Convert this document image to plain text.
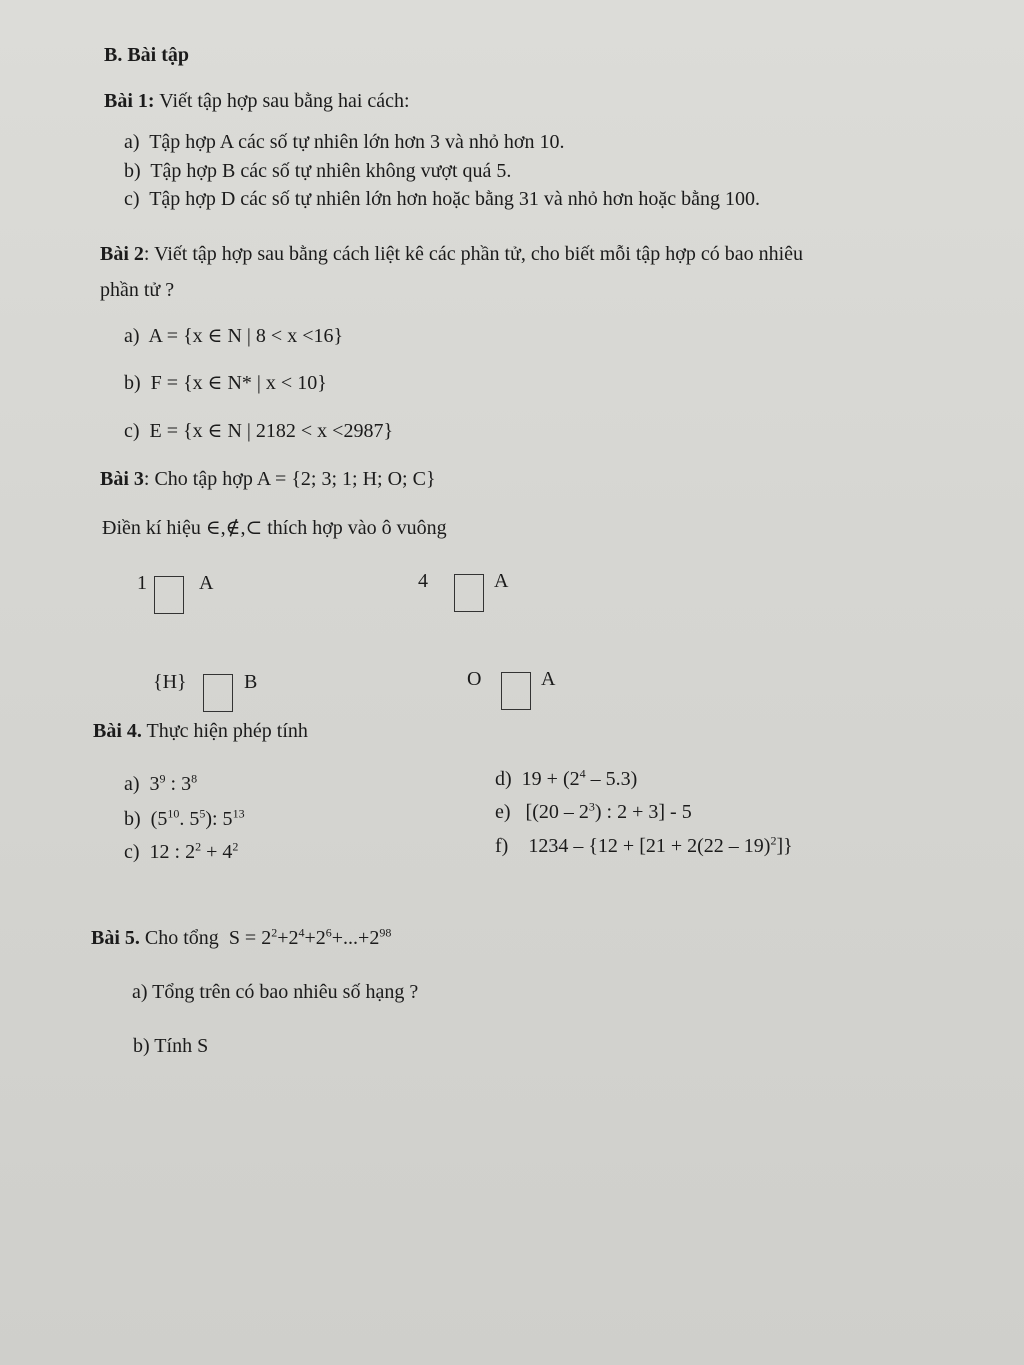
B. Bài tập
Bài 1: Viết tập hợp sau bằng hai cách:
a) Tập hợp A các số tự nhiên lớn hơn 3 và nhỏ hơn 10.
b) Tập hợp B các số tự nhiên không vượt quá 5.
c) Tập hợp D các số tự nhiên lớn hơn hoặc bằng 31 và nhỏ hơn hoặc bằng 100.
Bài 2: Viết tập hợp sau bằng cách liệt kê các phần tử, cho biết mỗi tập hợp có bao nhiêu
phần tử ?
a) A = {x ∈ N | 8 < x <16}
b) F = {x ∈ N* | x < 10}
c) E = {x ∈ N | 2182 < x <2987}
Bài 3: Cho tập hợp A = {2; 3; 1; H; O; C}
Điền kí hiệu ∈,∉,⊂ thích hợp vào ô vuông
1	A	4	A
{H}	B	O	A
Bài 4. Thực hiện phép tính
a)  $3^9$ : $3^8$
b)  ($5^{10}$. $5^5$): $5^{13}$
c)  12 : $2^2 + 4^2$
d)  $19 + (2^4 - 5.3)$
e)   [$(20 - 2^3)$ : 2 + 3] - 5
f)    1234 – {12 + [21 + 2(22 – 19)$^2$]}
Bài 5. Cho tổng  $S = 2^2+2^4+2^6+...+2^{98}$
a) Tổng trên có bao nhiêu số hạng ?
b) Tính S
